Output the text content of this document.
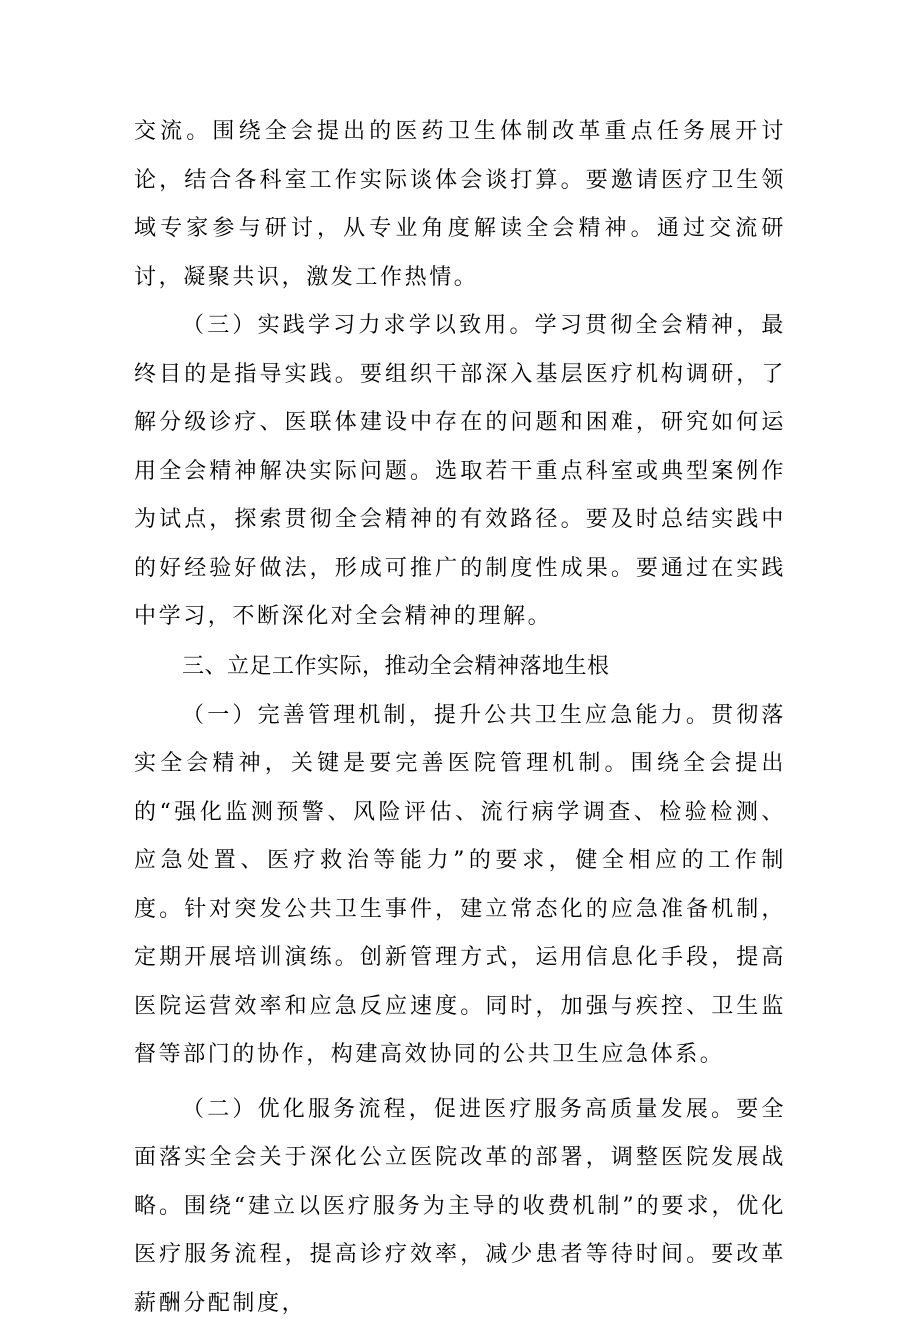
交流。围绕全会提出的医药卫生体制改革重点任务展开讨论，结合各科室工作实际谈体会谈打算。要邀请医疗卫生领域专家参与研讨，从专业角度解读全会精神。通过交流研讨，凝聚共识，激发工作热情。

（三）实践学习力求学以致用。学习贯彻全会精神，最终目的是指导实践。要组织干部深入基层医疗机构调研，了解分级诊疗、医联体建设中存在的问题和困难，研究如何运用全会精神解决实际问题。选取若干重点科室或典型案例作为试点，探索贯彻全会精神的有效路径。要及时总结实践中的好经验好做法，形成可推广的制度性成果。要通过在实践中学习，不断深化对全会精神的理解。

三、立足工作实际，推动全会精神落地生根

（一）完善管理机制，提升公共卫生应急能力。贯彻落实全会精神，关键是要完善医院管理机制。围绕全会提出的“强化监测预警、风险评估、流行病学调查、检验检测、应急处置、医疗救治等能力”的要求，健全相应的工作制度。针对突发公共卫生事件，建立常态化的应急准备机制，定期开展培训演练。创新管理方式，运用信息化手段，提高医院运营效率和应急反应速度。同时，加强与疾控、卫生监督等部门的协作，构建高效协同的公共卫生应急体系。

（二）优化服务流程，促进医疗服务高质量发展。要全面落实全会关于深化公立医院改革的部署，调整医院发展战略。围绕“建立以医疗服务为主导的收费机制”的要求，优化医疗服务流程，提高诊疗效率，减少患者等待时间。要改革薪酬分配制度，
